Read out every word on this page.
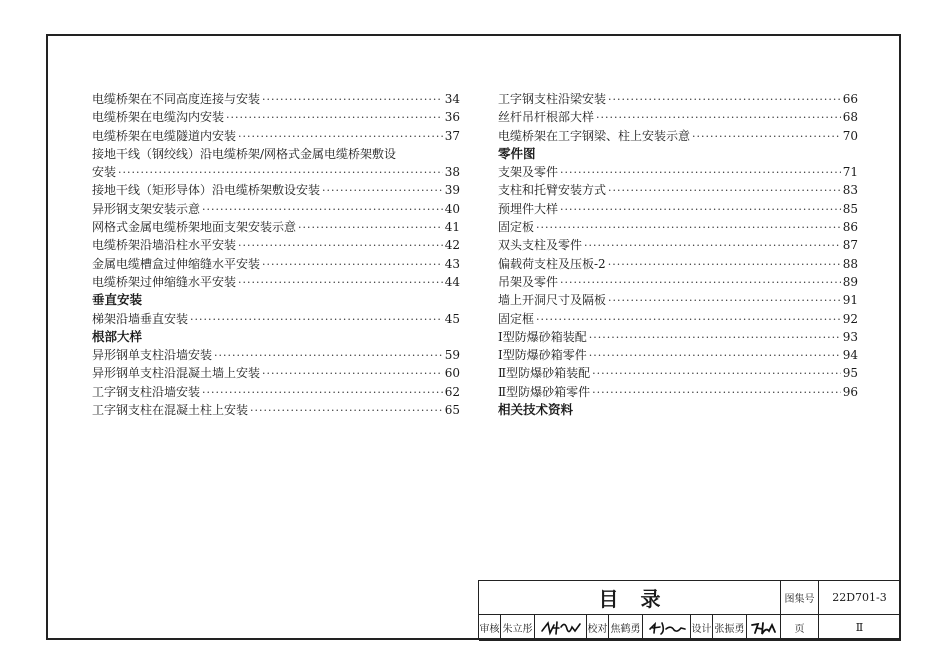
电缆桥架在不同高度连接与安装 ·····	34
电缆桥架在电缆沟内安装 ·····	36
电缆桥架在电缆隧道内安装 ·····	37
接地干线（钢绞线）沿电缆桥架/网格式金属电缆桥架敷设
安装 ·····	38
接地干线（矩形导体）沿电缆桥架敷设安装 ·····	39
异形钢支架安装示意 ·····	40
网格式金属电缆桥架地面支架安装示意 ·····	41
电缆桥架沿墙沿柱水平安装 ·····	42
金属电缆槽盒过伸缩缝水平安装 ·····	43
电缆桥架过伸缩缝水平安装 ·····	44
垂直安装
梯架沿墙垂直安装 ·····	45
根部大样
异形钢单支柱沿墙安装 ·····	59
异形钢单支柱沿混凝土墙上安装 ·····	60
工字钢支柱沿墙安装 ·····	62
工字钢支柱在混凝土柱上安装 ·····	65
工字钢支柱沿梁安装 ·····	66
丝杆吊杆根部大样 ·····	68
电缆桥架在工字钢梁、柱上安装示意 ·····	70
零件图
支架及零件 ·····	71
支柱和托臂安装方式 ·····	83
预埋件大样 ·····	85
固定板 ·····	86
双头支柱及零件 ·····	87
偏载荷支柱及压板-2 ·····	88
吊架及零件 ·····	89
墙上开洞尺寸及隔板 ·····	91
固定框 ·····	92
Ⅰ型防爆砂箱装配 ·····	93
Ⅰ型防爆砂箱零件 ·····	94
Ⅱ型防爆砂箱装配 ·····	95
Ⅱ型防爆砂箱零件 ·····	96
相关技术资料
目录	图集号	22D701-3
审核 朱立彤	校对 焦鹤勇	设计 张振勇	页	Ⅱ
